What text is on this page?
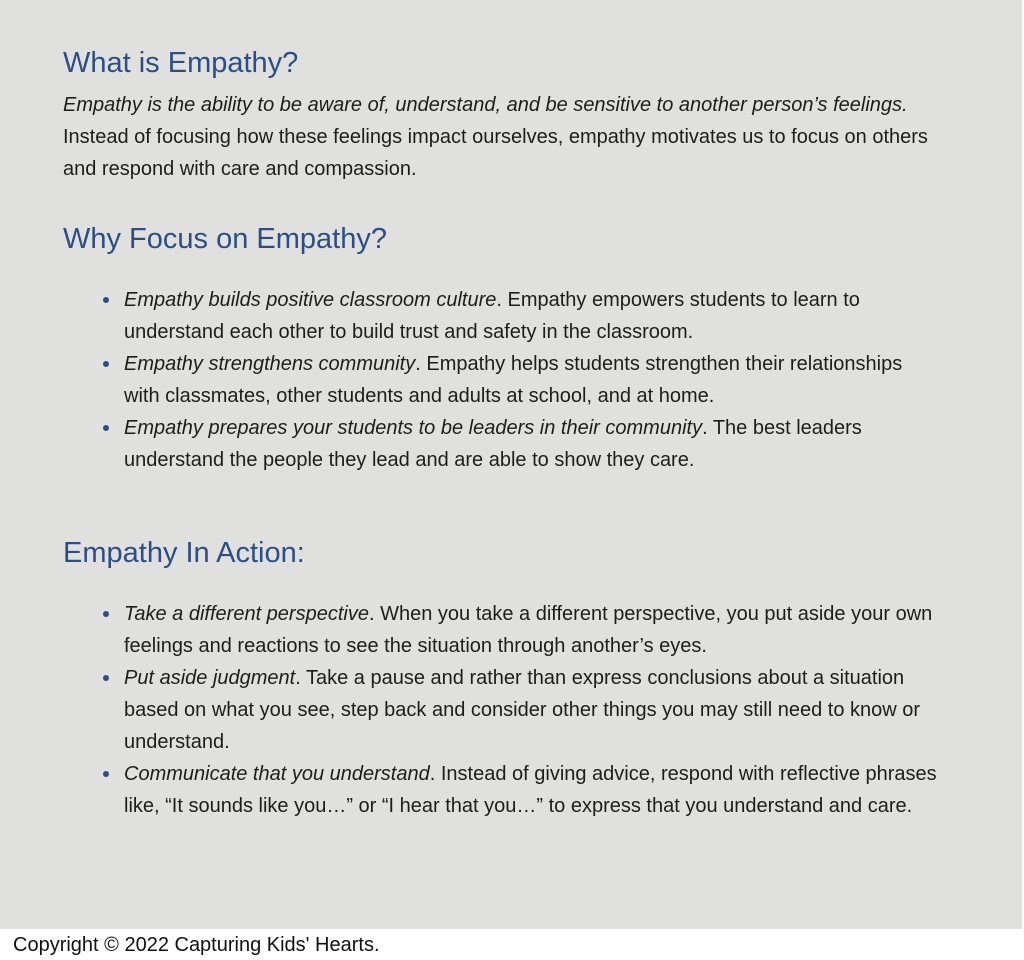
What is Empathy?

Empathy is the ability to be aware of, understand, and be sensitive to another person’s feelings. Instead of focusing how these feelings impact ourselves, empathy motivates us to focus on others and respond with care and compassion.

Why Focus on Empathy?
Empathy builds positive classroom culture. Empathy empowers students to learn to understand each other to build trust and safety in the classroom.
Empathy strengthens community. Empathy helps students strengthen their relationships with classmates, other students and adults at school, and at home.
Empathy prepares your students to be leaders in their community. The best leaders understand the people they lead and are able to show they care.
Empathy In Action:
Take a different perspective. When you take a different perspective, you put aside your own feelings and reactions to see the situation through another’s eyes.
Put aside judgment. Take a pause and rather than express conclusions about a situation based on what you see, step back and consider other things you may still need to know or understand.
Communicate that you understand. Instead of giving advice, respond with reflective phrases like, “It sounds like you…” or “I hear that you…” to express that you understand and care.
Copyright © 2022 Capturing Kids' Hearts.
